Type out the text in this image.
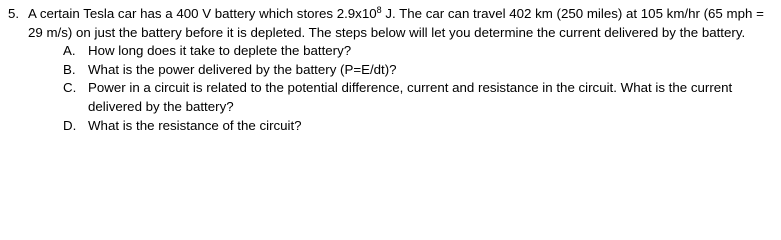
5. A certain Tesla car has a 400 V battery which stores $2.9x10^8$ J. The car can travel 402 km (250 miles) at 105 km/hr (65 mph = 29 m/s) on just the battery before it is depleted. The steps below will let you determine the current delivered by the battery.
A. How long does it take to deplete the battery?
B. What is the power delivered by the battery (P=E/dt)?
C. Power in a circuit is related to the potential difference, current and resistance in the circuit. What is the current delivered by the battery?
D. What is the resistance of the circuit?
